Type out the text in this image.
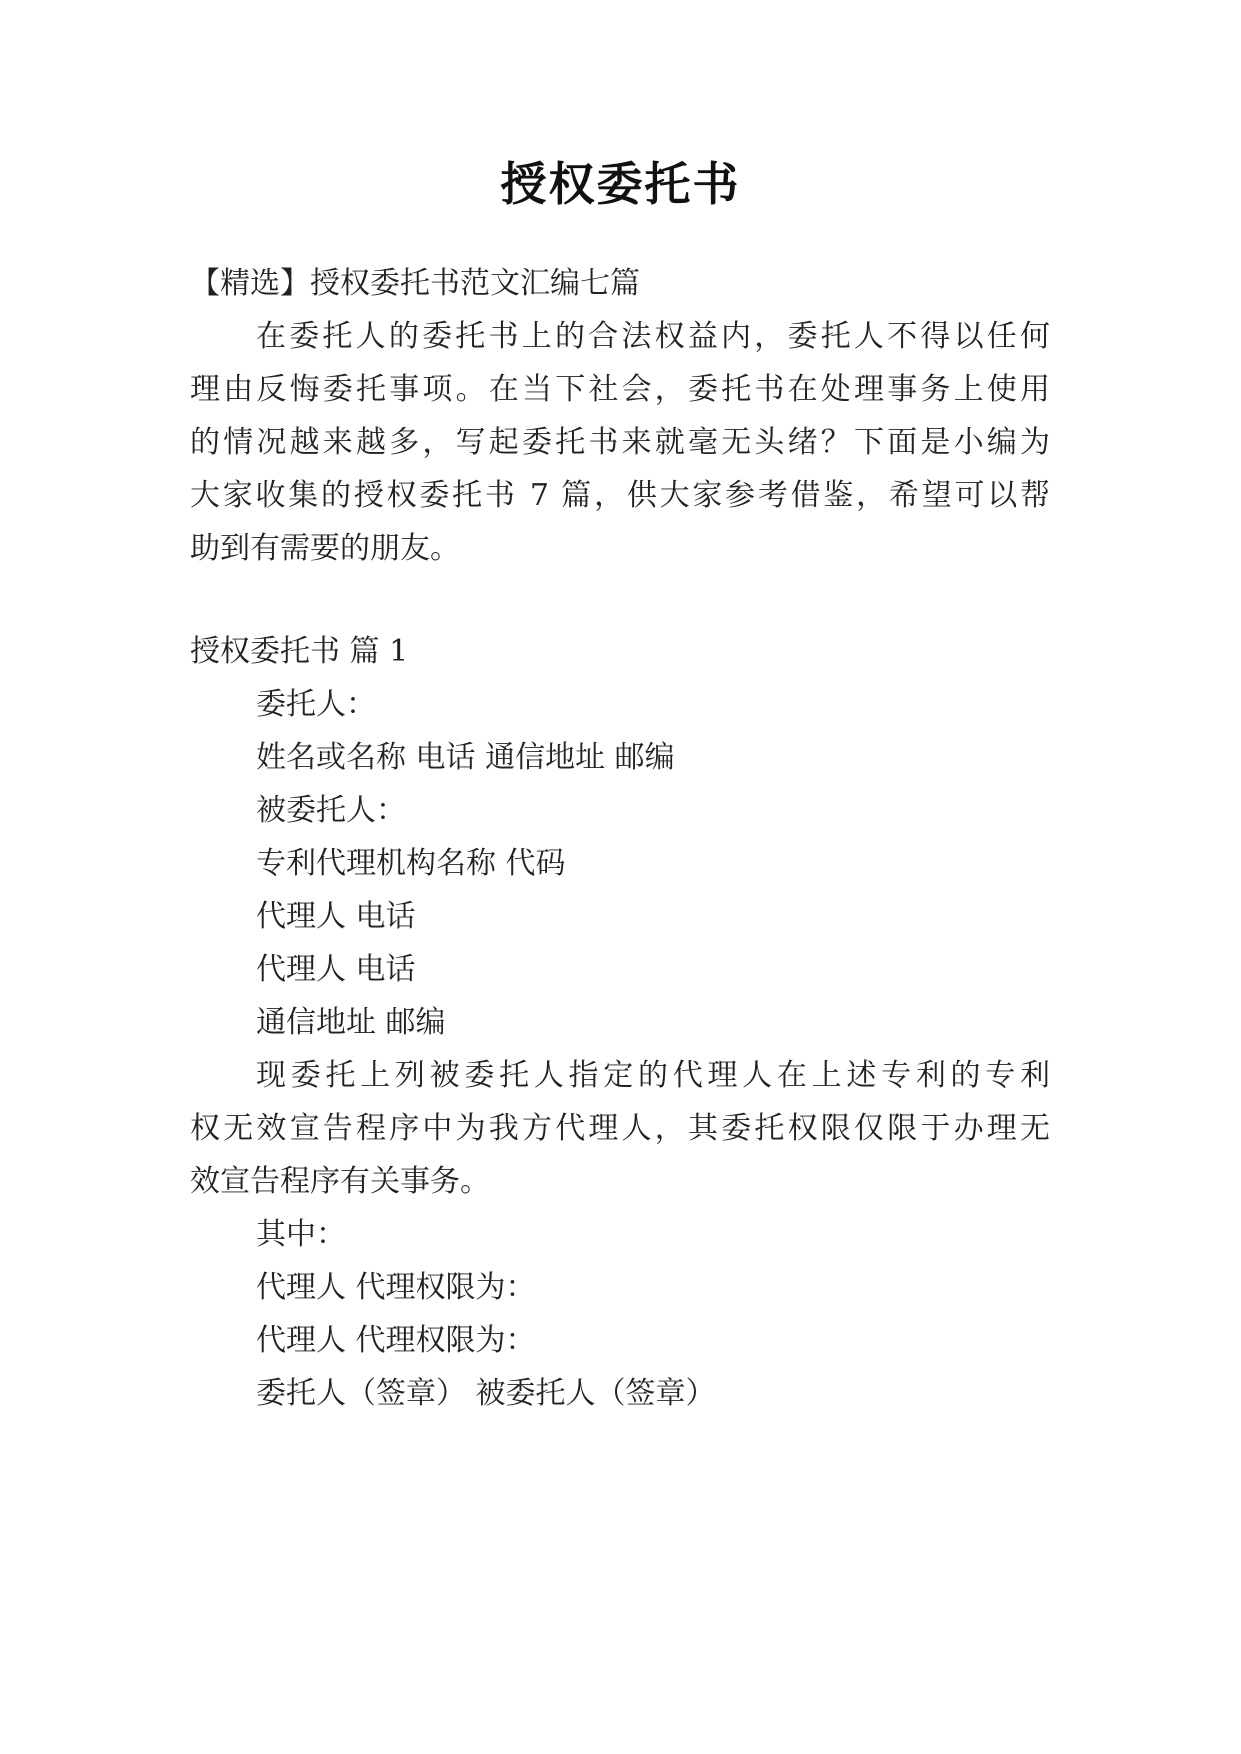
授权委托书
【精选】授权委托书范文汇编七篇
在委托人的委托书上的合法权益内，委托人不得以任何
理由反悔委托事项。在当下社会，委托书在处理事务上使用
的情况越来越多，写起委托书来就毫无头绪？下面是小编为
大家收集的授权委托书 7 篇，供大家参考借鉴，希望可以帮
助到有需要的朋友。
授权委托书 篇 1
委托人：
姓名或名称 电话 通信地址 邮编
被委托人：
专利代理机构名称 代码
代理人 电话
代理人 电话
通信地址 邮编
现委托上列被委托人指定的代理人在上述专利的专利
权无效宣告程序中为我方代理人，其委托权限仅限于办理无
效宣告程序有关事务。
其中：
代理人 代理权限为：
代理人 代理权限为：
委托人（签章） 被委托人（签章）
